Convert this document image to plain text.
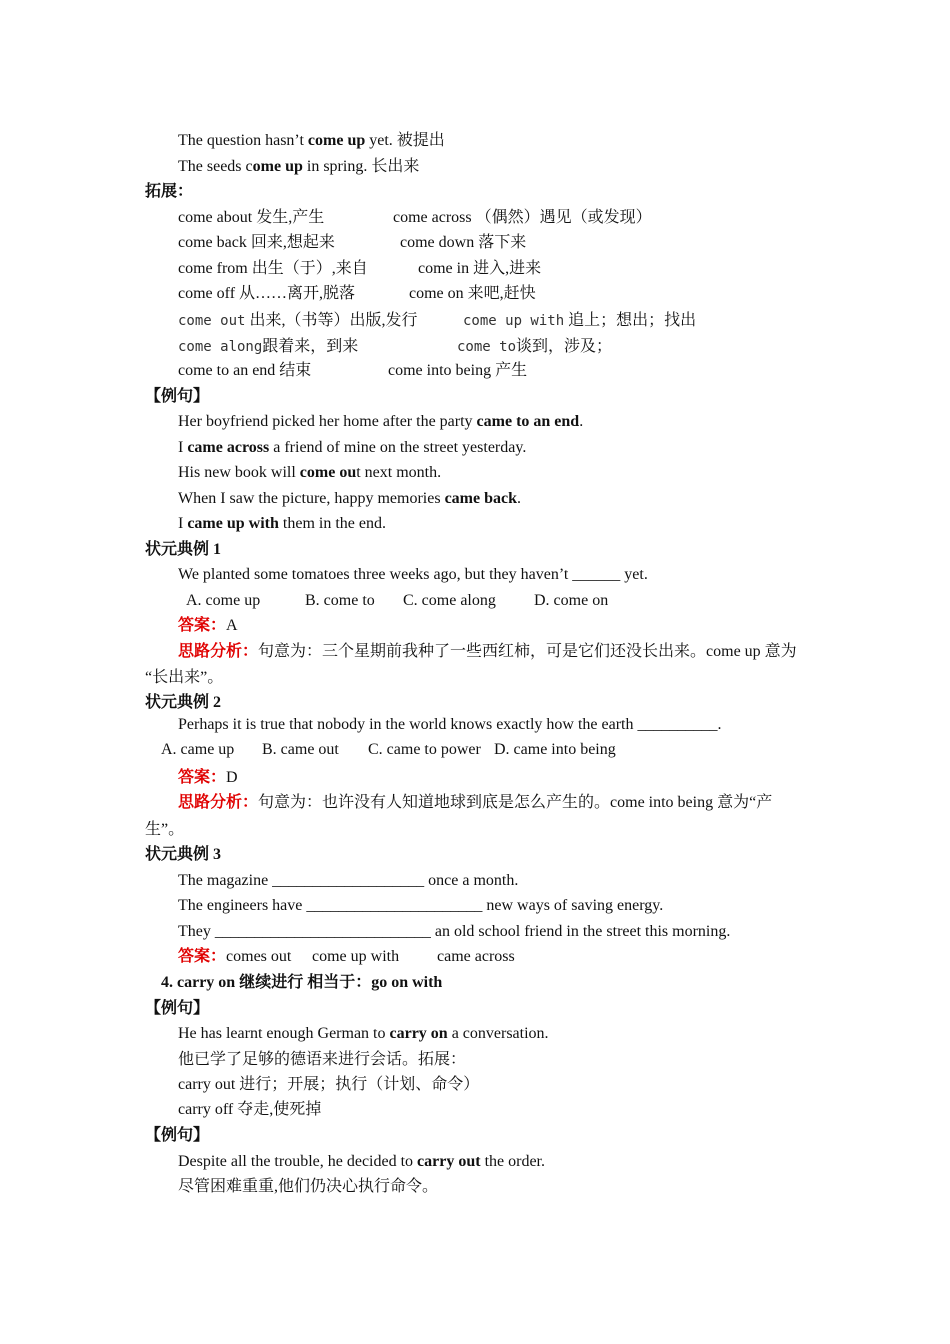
The question hasn’t come up yet. 被提出
The seeds come up in spring. 长出来
拓展：
come about 发生,产生	come across （偶然）遇见（或发现）
come back 回来,想起来	come down 落下来
come from 出生（于）,来自	come in 进入,进来
come off 从……离开,脱落	come on 来吧,赶快
come out 出来,（书等）出版,发行	come up with 追上；想出；找出
come along跟着来，到来	come to谈到，涉及；
come to an end 结束	come into being 产生
【例句】
Her boyfriend picked her home after the party came to an end.
I came across a friend of mine on the street yesterday.
His new book will come out next month.
When I saw the picture, happy memories came back.
I came up with them in the end.
状元典例 1
We planted some tomatoes three weeks ago, but they haven’t ______ yet.
A. come up	B. come to C. come along D. come on
答案：A
思路分析：句意为：三个星期前我种了一些西红柿，可是它们还没长出来。come up 意为
“长出来”。
状元典例 2
Perhaps it is true that nobody in the world knows exactly how the earth __________.
A. came up B. came out C. came to power D. came into being
答案：D
思路分析：句意为：也许没有人知道地球到底是怎么产生的。come into being 意为“产
生”。
状元典例 3
The magazine ___________________ once a month.
The engineers have ______________________ new ways of saving energy.
They ___________________________ an old school friend in the street this morning.
答案：comes out come up with came across
4. carry on 继续进行 相当于：go on with
【例句】
He has learnt enough German to carry on a conversation.
他已学了足够的德语来进行会话。拓展：
carry out 进行；开展；执行（计划、命令）
carry off 夺走,使死掉
【例句】
Despite all the trouble, he decided to carry out the order.
尽管困难重重,他们仍决心执行命令。
